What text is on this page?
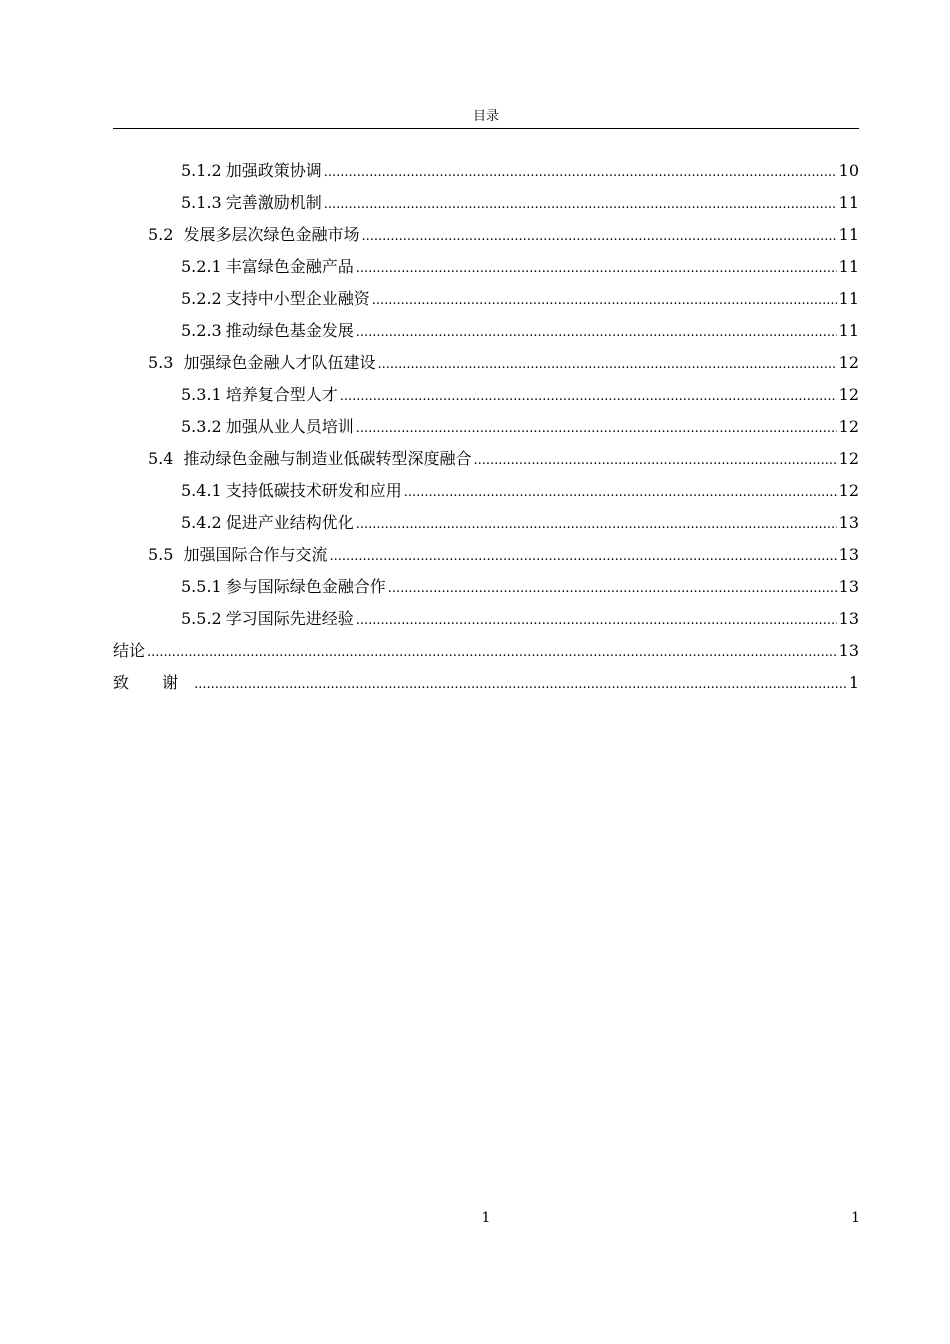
目录
5.1.2 加强政策协调 .....	10
5.1.3 完善激励机制 .....	11
5.2 发展多层次绿色金融市场 .....	11
5.2.1 丰富绿色金融产品 .....	11
5.2.2 支持中小型企业融资 .....	11
5.2.3 推动绿色基金发展 .....	11
5.3 加强绿色金融人才队伍建设 .....	12
5.3.1 培养复合型人才 .....	12
5.3.2 加强从业人员培训 .....	12
5.4 推动绿色金融与制造业低碳转型深度融合 .....	12
5.4.1 支持低碳技术研发和应用 .....	12
5.4.2 促进产业结构优化 .....	13
5.5 加强国际合作与交流 .....	13
5.5.1 参与国际绿色金融合作 .....	13
5.5.2 学习国际先进经验 .....	13
结论 .....	13
致 谢 .....	1
1	1
